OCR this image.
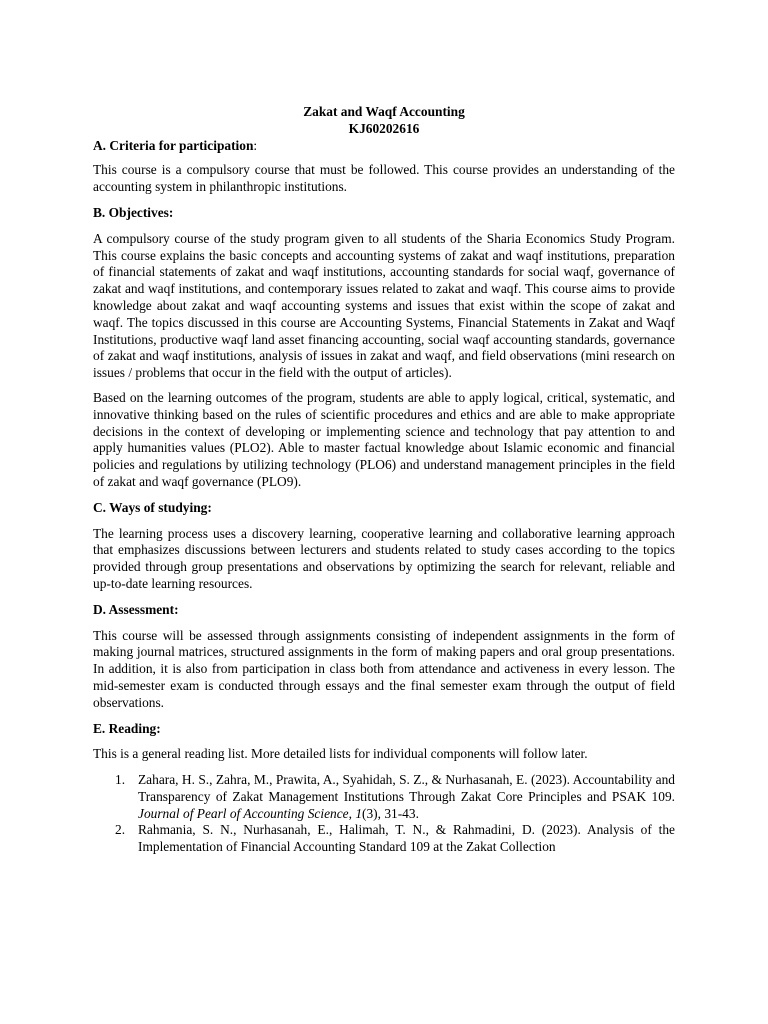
Zakat and Waqf Accounting
KJ60202616
A. Criteria for participation:

This course is a compulsory course that must be followed. This course provides an understanding of the accounting system in philanthropic institutions.

B. Objectives:

A compulsory course of the study program given to all students of the Sharia Economics Study Program. This course explains the basic concepts and accounting systems of zakat and waqf institutions, preparation of financial statements of zakat and waqf institutions, accounting standards for social waqf, governance of zakat and waqf institutions, and contemporary issues related to zakat and waqf. This course aims to provide knowledge about zakat and waqf accounting systems and issues that exist within the scope of zakat and waqf. The topics discussed in this course are Accounting Systems, Financial Statements in Zakat and Waqf Institutions, productive waqf land asset financing accounting, social waqf accounting standards, governance of zakat and waqf institutions, analysis of issues in zakat and waqf, and field observations (mini research on issues / problems that occur in the field with the output of articles).

Based on the learning outcomes of the program, students are able to apply logical, critical, systematic, and innovative thinking based on the rules of scientific procedures and ethics and are able to make appropriate decisions in the context of developing or implementing science and technology that pay attention to and apply humanities values (PLO2). Able to master factual knowledge about Islamic economic and financial policies and regulations by utilizing technology (PLO6) and understand management principles in the field of zakat and waqf governance (PLO9).

C. Ways of studying:

The learning process uses a discovery learning, cooperative learning and collaborative learning approach that emphasizes discussions between lecturers and students related to study cases according to the topics provided through group presentations and observations by optimizing the search for relevant, reliable and up-to-date learning resources.

D. Assessment:

This course will be assessed through assignments consisting of independent assignments in the form of making journal matrices, structured assignments in the form of making papers and oral group presentations. In addition, it is also from participation in class both from attendance and activeness in every lesson. The mid-semester exam is conducted through essays and the final semester exam through the output of field observations.

E. Reading:

This is a general reading list. More detailed lists for individual components will follow later.

1. Zahara, H. S., Zahra, M., Prawita, A., Syahidah, S. Z., & Nurhasanah, E. (2023). Accountability and Transparency of Zakat Management Institutions Through Zakat Core Principles and PSAK 109. Journal of Pearl of Accounting Science, 1(3), 31-43.
2. Rahmania, S. N., Nurhasanah, E., Halimah, T. N., & Rahmadini, D. (2023). Analysis of the Implementation of Financial Accounting Standard 109 at the Zakat Collection
